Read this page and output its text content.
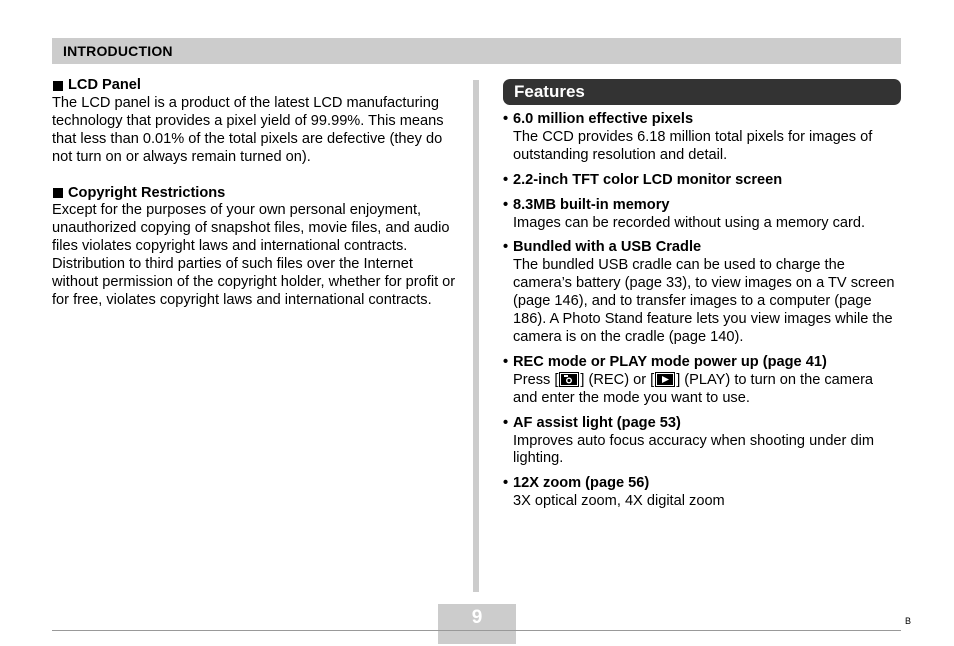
INTRODUCTION
LCD Panel

The LCD panel is a product of the latest LCD manufacturing technology that provides a pixel yield of 99.99%. This means that less than 0.01% of the total pixels are defective (they do not turn on or always remain turned on).

Copyright Restrictions

Except for the purposes of your own personal enjoyment, unauthorized copying of snapshot files, movie files, and audio files violates copyright laws and international contracts.

Distribution to third parties of such files over the Internet without permission of the copyright holder, whether for profit or for free, violates copyright laws and international contracts.

Features
• 6.0 million effective pixels
The CCD provides 6.18 million total pixels for images of outstanding resolution and detail.
• 2.2-inch TFT color LCD monitor screen
• 8.3MB built-in memory
Images can be recorded without using a memory card.
• Bundled with a USB Cradle
The bundled USB cradle can be used to charge the camera’s battery (page 33), to view images on a TV screen (page 146), and to transfer images to a computer (page 186). A Photo Stand feature lets you view images while the camera is on the cradle (page 140).
• REC mode or PLAY mode power up (page 41)
Press [ ] (REC) or [ ] (PLAY) to turn on the camera and enter the mode you want to use.
• AF assist light (page 53)
Improves auto focus accuracy when shooting under dim lighting.
• 12X zoom (page 56)
3X optical zoom, 4X digital zoom
9	B
